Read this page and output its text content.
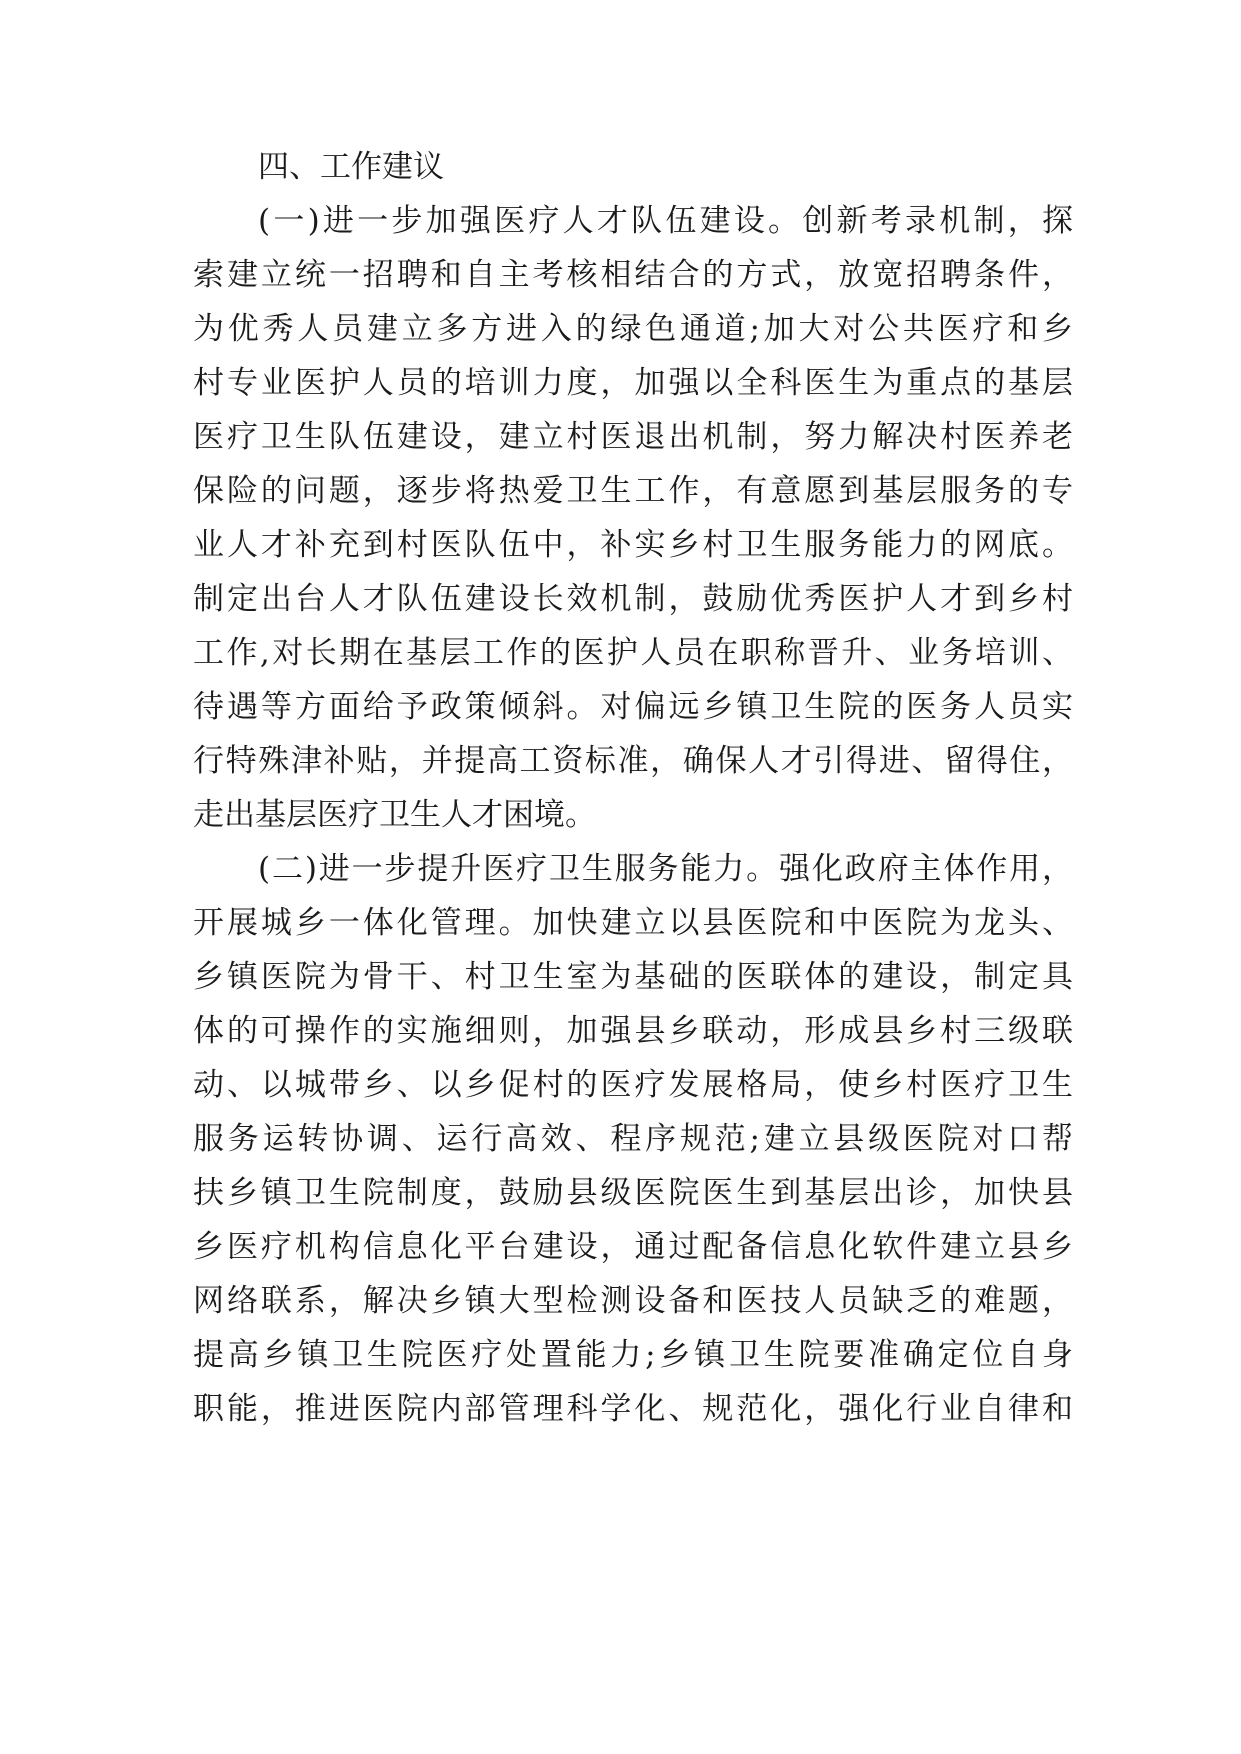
四、工作建议
(一)进一步加强医疗人才队伍建设。创新考录机制，探
索建立统一招聘和自主考核相结合的方式，放宽招聘条件，
为优秀人员建立多方进入的绿色通道;加大对公共医疗和乡
村专业医护人员的培训力度，加强以全科医生为重点的基层
医疗卫生队伍建设，建立村医退出机制，努力解决村医养老
保险的问题，逐步将热爱卫生工作，有意愿到基层服务的专
业人才补充到村医队伍中，补实乡村卫生服务能力的网底。
制定出台人才队伍建设长效机制，鼓励优秀医护人才到乡村
工作,对长期在基层工作的医护人员在职称晋升、业务培训、
待遇等方面给予政策倾斜。对偏远乡镇卫生院的医务人员实
行特殊津补贴，并提高工资标准，确保人才引得进、留得住，
走出基层医疗卫生人才困境。
(二)进一步提升医疗卫生服务能力。强化政府主体作用，
开展城乡一体化管理。加快建立以县医院和中医院为龙头、
乡镇医院为骨干、村卫生室为基础的医联体的建设，制定具
体的可操作的实施细则，加强县乡联动，形成县乡村三级联
动、以城带乡、以乡促村的医疗发展格局，使乡村医疗卫生
服务运转协调、运行高效、程序规范;建立县级医院对口帮
扶乡镇卫生院制度，鼓励县级医院医生到基层出诊，加快县
乡医疗机构信息化平台建设，通过配备信息化软件建立县乡
网络联系，解决乡镇大型检测设备和医技人员缺乏的难题，
提高乡镇卫生院医疗处置能力;乡镇卫生院要准确定位自身
职能，推进医院内部管理科学化、规范化，强化行业自律和
